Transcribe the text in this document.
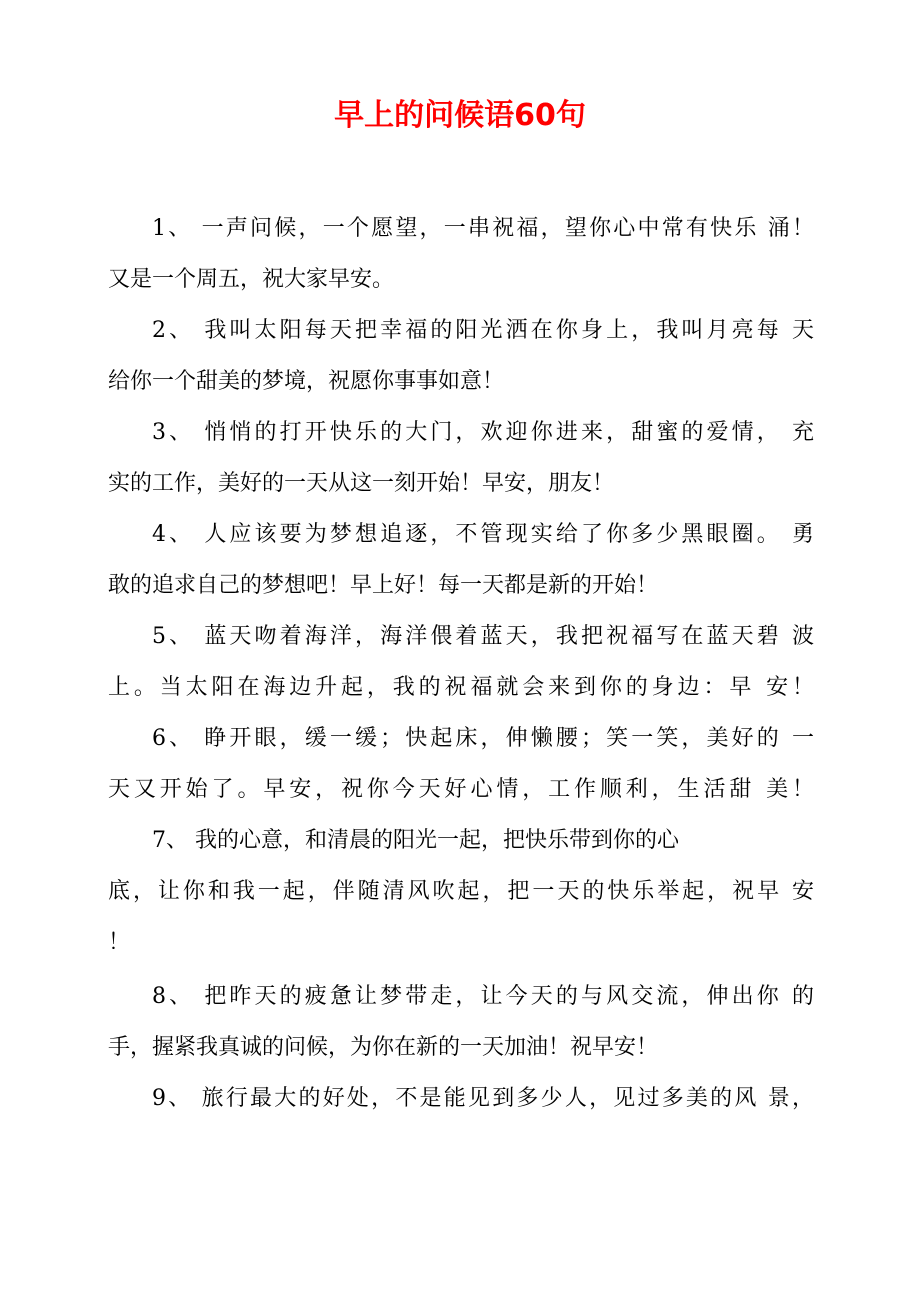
早上的问候语60句
1、 一声问候，一个愿望，一串祝福，望你心中常有快乐 涌！
又是一个周五，祝大家早安。
2、 我叫太阳每天把幸福的阳光洒在你身上，我叫月亮每 天
给你一个甜美的梦境，祝愿你事事如意！
3、 悄悄的打开快乐的大门，欢迎你进来，甜蜜的爱情， 充
实的工作，美好的一天从这一刻开始！早安，朋友！
4、 人应该要为梦想追逐，不管现实给了你多少黑眼圈。 勇
敢的追求自己的梦想吧！早上好！每一天都是新的开始！
5、 蓝天吻着海洋，海洋偎着蓝天，我把祝福写在蓝天碧 波
上。当太阳在海边升起，我的祝福就会来到你的身边：早 安！
6、 睁开眼，缓一缓；快起床，伸懒腰；笑一笑，美好的 一
天又开始了。早安，祝你今天好心情，工作顺利，生活甜 美！
7、 我的心意，和清晨的阳光一起，把快乐带到你的心
底，让你和我一起，伴随清风吹起，把一天的快乐举起，祝早 安
！
8、 把昨天的疲惫让梦带走，让今天的与风交流，伸出你 的
手，握紧我真诚的问候，为你在新的一天加油！祝早安！
9、 旅行最大的好处，不是能见到多少人，见过多美的风 景，
